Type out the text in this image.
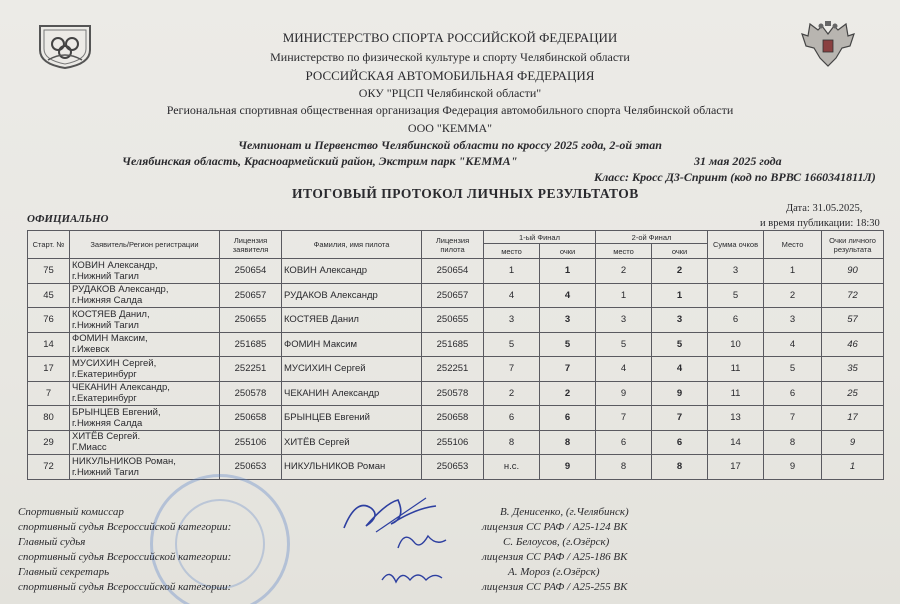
МИНИСТЕРСТВО СПОРТА РОССИЙСКОЙ ФЕДЕРАЦИИ
Министерство по физической культуре и спорту Челябинской области
РОССИЙСКАЯ АВТОМОБИЛЬНАЯ ФЕДЕРАЦИЯ
ОКУ "РЦСП Челябинской области"
Региональная спортивная общественная организация Федерация автомобильного спорта Челябинской области
ООО "КЕММА"
Чемпионат и Первенство Челябинской области по кроссу 2025 года, 2-ой этап
Челябинская область, Красноармейский район, Экстрим парк "КЕММА"	31 мая 2025 года
Класс: Кросс Д3-Спринт (код по ВРВС 1660341811Л)
ИТОГОВЫЙ ПРОТОКОЛ ЛИЧНЫХ РЕЗУЛЬТАТОВ
ОФИЦИАЛЬНО
Дата: 31.05.2025,
и время публикации: 18:30
Старт. №	Заявитель/Регион регистрации	Лицензия заявителя	Фамилия, имя пилота	Лицензия пилота	1-ый Финал		2-ой Финал		Сумма очков	Место	Очки личного результата
					место	очки	место	очки			
75	КОВИН Александр,
г.Нижний Тагил	250654	КОВИН Александр	250654	1	1	2	2	3	1	90
45	РУДАКОВ Александр,
г.Нижняя Салда	250657	РУДАКОВ Александр	250657	4	4	1	1	5	2	72
76	КОСТЯЕВ Данил,
г.Нижний Тагил	250655	КОСТЯЕВ Данил	250655	3	3	3	3	6	3	57
14	ФОМИН Максим,
г.Ижевск	251685	ФОМИН Максим	251685	5	5	5	5	10	4	46
17	МУСИХИН Сергей,
г.Екатеринбург	252251	МУСИХИН Сергей	252251	7	7	4	4	11	5	35
7	ЧЕКАНИН Александр,
г.Екатеринбург	250578	ЧЕКАНИН Александр	250578	2	2	9	9	11	6	25
80	БРЫНЦЕВ Евгений,
г.Нижняя Салда	250658	БРЫНЦЕВ Евгений	250658	6	6	7	7	13	7	17
29	ХИТЁВ Сергей.
Г.Миасс	255106	ХИТЁВ Сергей	255106	8	8	6	6	14	8	9
72	НИКУЛЬНИКОВ Роман,
г.Нижний Тагил	250653	НИКУЛЬНИКОВ Роман	250653	н.с.	9	8	8	17	9	1
Спортивный комиссар
спортивный судья Всероссийской категории:
Главный судья
спортивный судья Всероссийской категории:
Главный секретарь
спортивный судья Всероссийской категории:
В. Денисенко, (г.Челябинск)
лицензия СС РАФ / А25-124 ВК
С. Белоусов, (г.Озёрск)
лицензия СС РАФ / А25-186 ВК
А. Мороз (г.Озёрск)
лицензия СС РАФ / А25-255 ВК
